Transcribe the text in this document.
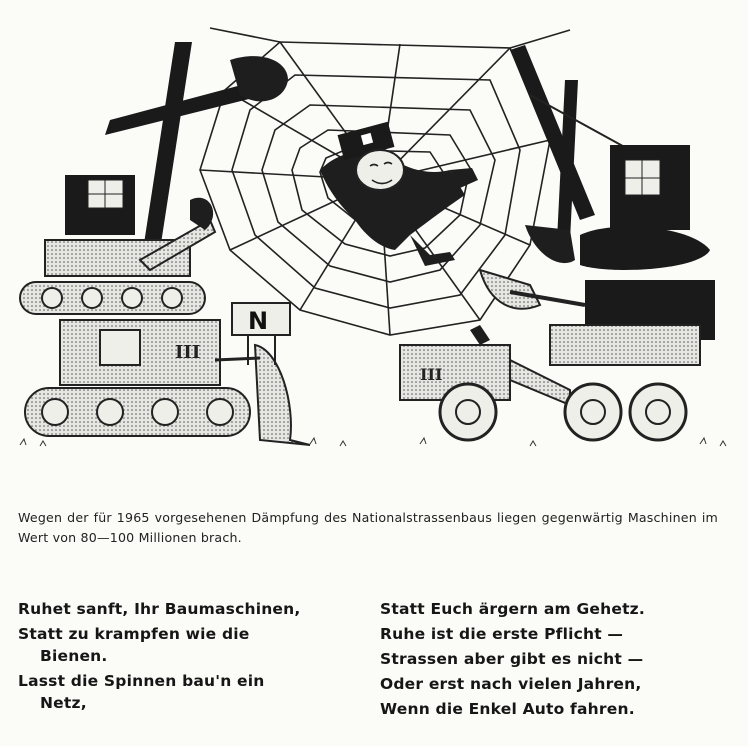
III
N
III
Wegen der für 1965 vorgesehenen Dämpfung des Nationalstrassenbaus liegen gegenwärtig Maschinen im Wert von 80—100 Millionen brach.
Ruhet sanft, Ihr Baumaschinen,
Statt zu krampfen wie die
Bienen.
Lasst die Spinnen bau'n ein
Netz,
Statt Euch ärgern am Gehetz.
Ruhe ist die erste Pflicht —
Strassen aber gibt es nicht —
Oder erst nach vielen Jahren,
Wenn die Enkel Auto fahren.
